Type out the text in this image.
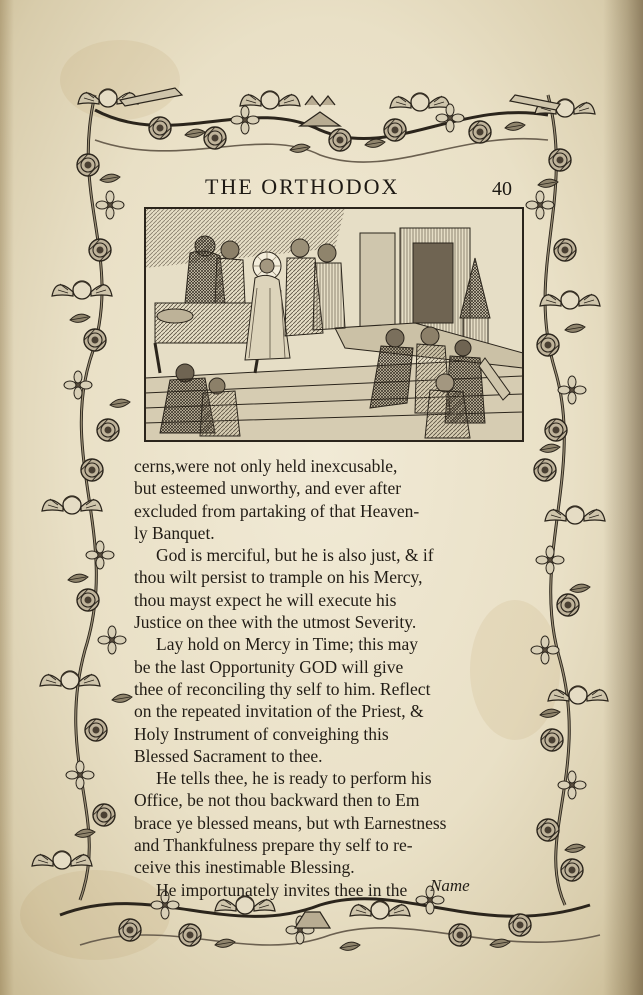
THE ORTHODOX	40
cerns,were not only held inexcusable,
but esteemed unworthy, and ever after
excluded from partaking of that Heaven-
ly Banquet.
God is merciful, but he is also just, & if
thou wilt persist to trample on his Mercy,
thou mayst expect he will execute his
Justice on thee with the utmost Severity.
Lay hold on Mercy in Time; this may
be the last Opportunity GOD will give
thee of reconciling thy self to him. Reflect
on the repeated invitation of the Priest, &
Holy Instrument of conveighing this
Blessed Sacrament to thee.
He tells thee, he is ready to perform his
Office, be not thou backward then to Em
brace ye blessed means, but wth Earnestness
and Thankfulness prepare thy self to re-
ceive this inestimable Blessing.
He importunately invites thee in the	Name
